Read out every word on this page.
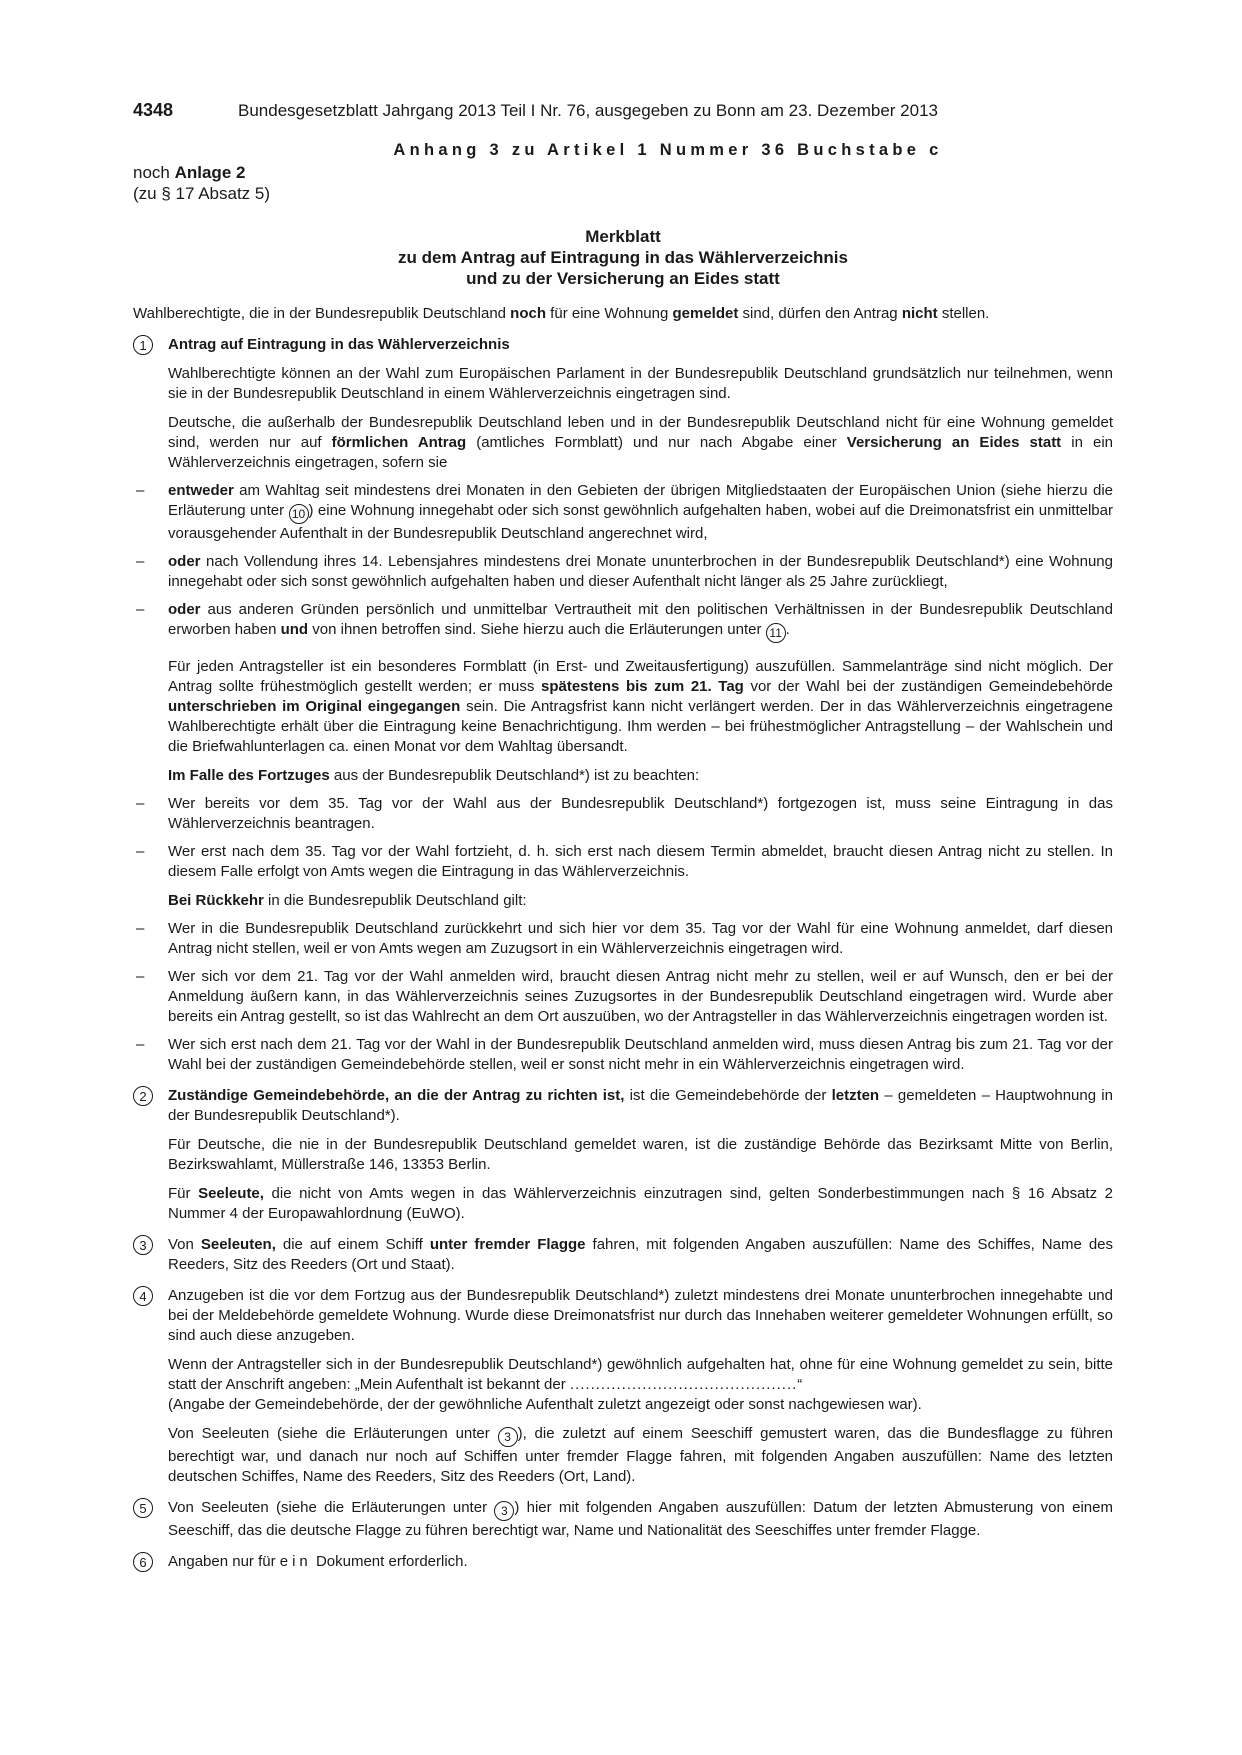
4348	Bundesgesetzblatt Jahrgang 2013 Teil I Nr. 76, ausgegeben zu Bonn am 23. Dezember 2013
Anhang 3 zu Artikel 1 Nummer 36 Buchstabe c
noch Anlage 2
(zu § 17 Absatz 5)
Merkblatt
zu dem Antrag auf Eintragung in das Wählerverzeichnis
und zu der Versicherung an Eides statt

Wahlberechtigte, die in der Bundesrepublik Deutschland noch für eine Wohnung gemeldet sind, dürfen den Antrag nicht stellen.

1	Antrag auf Eintragung in das Wählerverzeichnis

Wahlberechtigte können an der Wahl zum Europäischen Parlament in der Bundesrepublik Deutschland grundsätzlich nur teilnehmen, wenn sie in der Bundesrepublik Deutschland in einem Wählerverzeichnis eingetragen sind.

Deutsche, die außerhalb der Bundesrepublik Deutschland leben und in der Bundesrepublik Deutschland nicht für eine Wohnung gemeldet sind, werden nur auf förmlichen Antrag (amtliches Formblatt) und nur nach Abgabe einer Versicherung an Eides statt in ein Wählerverzeichnis eingetragen, sofern sie

– entweder am Wahltag seit mindestens drei Monaten in den Gebieten der übrigen Mitgliedstaaten der Europäischen Union (siehe hierzu die Erläuterung unter 10 ) eine Wohnung innegehabt oder sich sonst gewöhnlich aufgehalten haben, wobei auf die Dreimonatsfrist ein unmittelbar vorausgehender Aufenthalt in der Bundesrepublik Deutschland angerechnet wird,

– oder nach Vollendung ihres 14. Lebensjahres mindestens drei Monate ununterbrochen in der Bundesrepublik Deutschland*) eine Wohnung innegehabt oder sich sonst gewöhnlich aufgehalten haben und dieser Aufenthalt nicht länger als 25 Jahre zurückliegt,

– oder aus anderen Gründen persönlich und unmittelbar Vertrautheit mit den politischen Verhältnissen in der Bundesrepublik Deutschland erworben haben und von ihnen betroffen sind. Siehe hierzu auch die Erläuterungen unter 11 .

Für jeden Antragsteller ist ein besonderes Formblatt (in Erst- und Zweitausfertigung) auszufüllen. Sammelanträge sind nicht möglich. Der Antrag sollte frühestmöglich gestellt werden; er muss spätestens bis zum 21. Tag vor der Wahl bei der zuständigen Gemeindebehörde unterschrieben im Original eingegangen sein. Die Antragsfrist kann nicht verlängert werden. Der in das Wählerverzeichnis eingetragene Wahlberechtigte erhält über die Eintragung keine Benachrichtigung. Ihm werden – bei frühestmöglicher Antragstellung – der Wahlschein und die Briefwahlunterlagen ca. einen Monat vor dem Wahltag übersandt.

Im Falle des Fortzuges aus der Bundesrepublik Deutschland*) ist zu beachten:

– Wer bereits vor dem 35. Tag vor der Wahl aus der Bundesrepublik Deutschland*) fortgezogen ist, muss seine Eintragung in das Wählerverzeichnis beantragen.

– Wer erst nach dem 35. Tag vor der Wahl fortzieht, d. h. sich erst nach diesem Termin abmeldet, braucht diesen Antrag nicht zu stellen. In diesem Falle erfolgt von Amts wegen die Eintragung in das Wählerverzeichnis.

Bei Rückkehr in die Bundesrepublik Deutschland gilt:

– Wer in die Bundesrepublik Deutschland zurückkehrt und sich hier vor dem 35. Tag vor der Wahl für eine Wohnung anmeldet, darf diesen Antrag nicht stellen, weil er von Amts wegen am Zuzugsort in ein Wählerverzeichnis eingetragen wird.

– Wer sich vor dem 21. Tag vor der Wahl anmelden wird, braucht diesen Antrag nicht mehr zu stellen, weil er auf Wunsch, den er bei der Anmeldung äußern kann, in das Wählerverzeichnis seines Zuzugsortes in der Bundesrepublik Deutschland eingetragen wird. Wurde aber bereits ein Antrag gestellt, so ist das Wahlrecht an dem Ort auszuüben, wo der Antragsteller in das Wählerverzeichnis eingetragen worden ist.

– Wer sich erst nach dem 21. Tag vor der Wahl in der Bundesrepublik Deutschland anmelden wird, muss diesen Antrag bis zum 21. Tag vor der Wahl bei der zuständigen Gemeindebehörde stellen, weil er sonst nicht mehr in ein Wählerverzeichnis eingetragen wird.

2	Zuständige Gemeindebehörde, an die der Antrag zu richten ist, ist die Gemeindebehörde der letzten – gemeldeten – Hauptwohnung in der Bundesrepublik Deutschland*).

Für Deutsche, die nie in der Bundesrepublik Deutschland gemeldet waren, ist die zuständige Behörde das Bezirksamt Mitte von Berlin, Bezirkswahlamt, Müllerstraße 146, 13353 Berlin.

Für Seeleute, die nicht von Amts wegen in das Wählerverzeichnis einzutragen sind, gelten Sonderbestimmungen nach § 16 Absatz 2 Nummer 4 der Europawahlordnung (EuWO).

3	Von Seeleuten, die auf einem Schiff unter fremder Flagge fahren, mit folgenden Angaben auszufüllen: Name des Schiffes, Name des Reeders, Sitz des Reeders (Ort und Staat).

4	Anzugeben ist die vor dem Fortzug aus der Bundesrepublik Deutschland*) zuletzt mindestens drei Monate ununterbrochen innegehabte und bei der Meldebehörde gemeldete Wohnung. Wurde diese Dreimonatsfrist nur durch das Innehaben weiterer gemeldeter Wohnungen erfüllt, so sind auch diese anzugeben.

Wenn der Antragsteller sich in der Bundesrepublik Deutschland*) gewöhnlich aufgehalten hat, ohne für eine Wohnung gemeldet zu sein, bitte statt der Anschrift angeben: „Mein Aufenthalt ist bekannt der ............................................“
(Angabe der Gemeindebehörde, der der gewöhnliche Aufenthalt zuletzt angezeigt oder sonst nachgewiesen war).

Von Seeleuten (siehe die Erläuterungen unter 3 ), die zuletzt auf einem Seeschiff gemustert waren, das die Bundesflagge zu führen berechtigt war, und danach nur noch auf Schiffen unter fremder Flagge fahren, mit folgenden Angaben auszufüllen: Name des letzten deutschen Schiffes, Name des Reeders, Sitz des Reeders (Ort, Land).

5	Von Seeleuten (siehe die Erläuterungen unter 3 ) hier mit folgenden Angaben auszufüllen: Datum der letzten Abmusterung von einem Seeschiff, das die deutsche Flagge zu führen berechtigt war, Name und Nationalität des Seeschiffes unter fremder Flagge.

6	Angaben nur für ein Dokument erforderlich.
